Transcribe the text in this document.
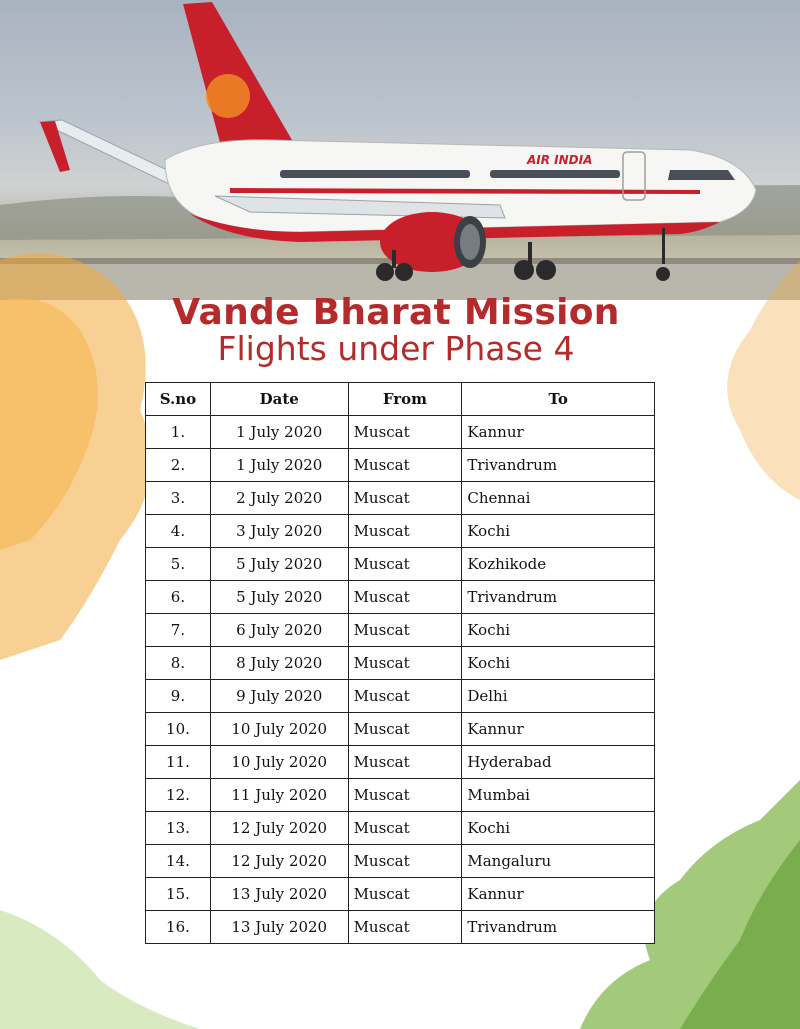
AIR INDIA
Vande Bharat Mission
Flights under Phase 4
S.no	Date	From	To
1.	1 July 2020	Muscat	Kannur
2.	1 July 2020	Muscat	Trivandrum
3.	2 July 2020	Muscat	Chennai
4.	3 July 2020	Muscat	Kochi
5.	5 July 2020	Muscat	Kozhikode
6.	5 July 2020	Muscat	Trivandrum
7.	6 July 2020	Muscat	Kochi
8.	8 July 2020	Muscat	Kochi
9.	9 July 2020	Muscat	Delhi
10.	10 July 2020	Muscat	Kannur
11.	10 July 2020	Muscat	Hyderabad
12.	11 July 2020	Muscat	Mumbai
13.	12 July 2020	Muscat	Kochi
14.	12 July 2020	Muscat	Mangaluru
15.	13 July 2020	Muscat	Kannur
16.	13 July 2020	Muscat	Trivandrum
